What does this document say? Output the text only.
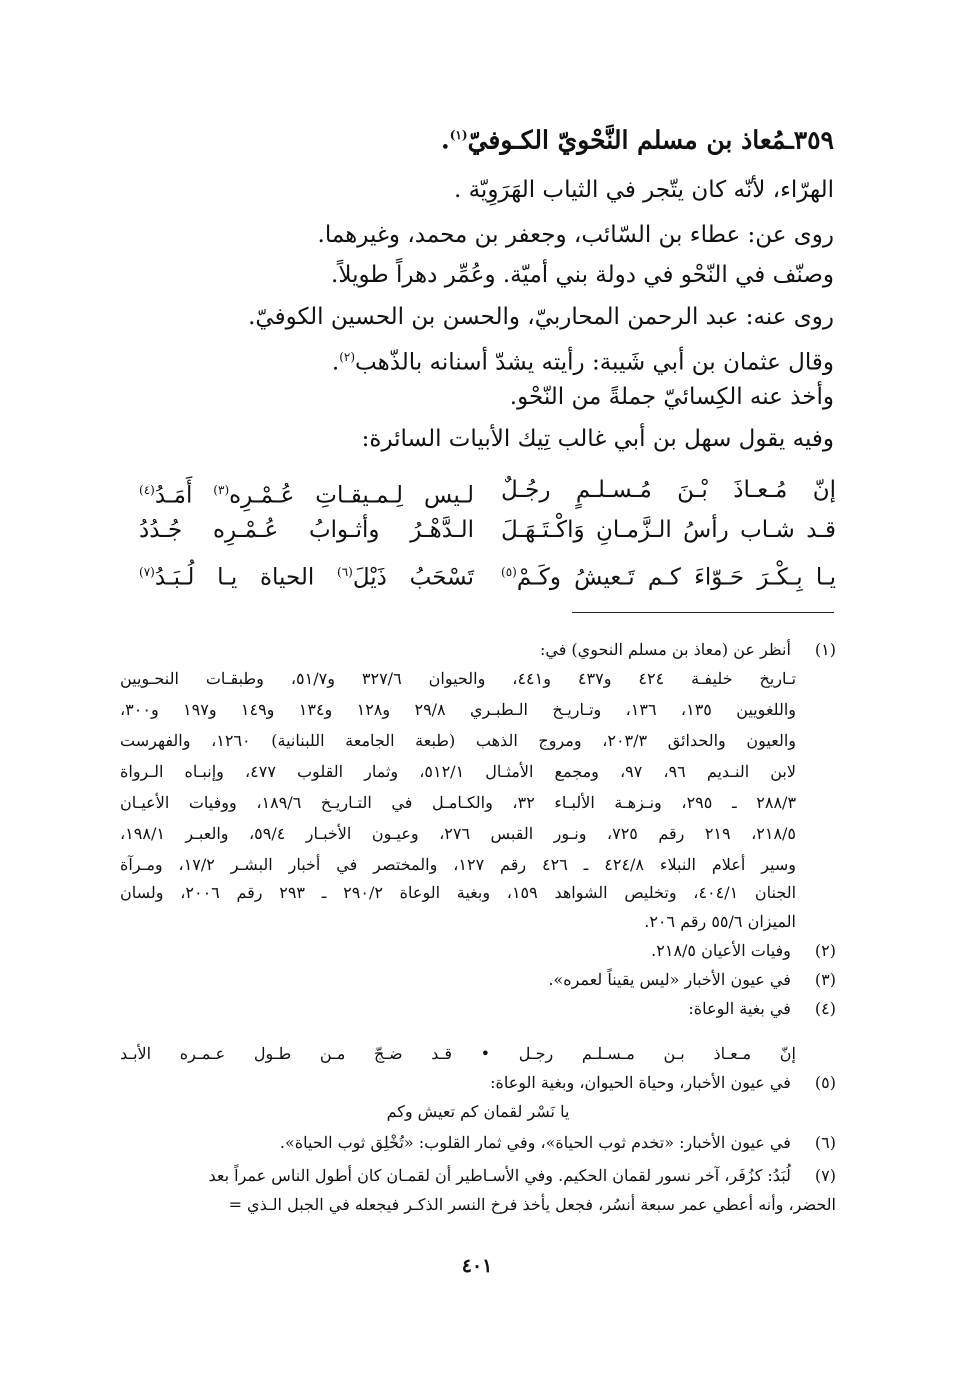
٣٥٩ـمُعاذ بن مسلم النَّحْويّ الكـوفيّ$^{(١)}$.
الهرّاء، لأنّه كان يتّجر في الثياب الهَرَوِيّة .
روى عن: عطاء بن السّائب، وجعفر بن محمد، وغيرهما.
وصنّف في النّحْو في دولة بني أميّة. وعُمِّر دهراً طويلاً.
روى عنه: عبد الرحمن المحاربيّ، والحسن بن الحسين الكوفيّ.
وقال عثمان بن أبي شَيبة: رأيته يشدّ أسنانه بالذّهب$^{(٢)}$.
وأخذ عنه الكِسائيّ جملةً من النّحْو.
وفيه يقول سهل بن أبي غالب تِيك الأبيات السائرة:
إنّ مُـعـاذَ بْـنَ مُـسـلـمٍ رجُـلٌ
لـيس لِـمـيقـاتِ عُـمْـرِه$^{(٣)}$ أَمَـدُ$^{(٤)}$
قـد شـاب رأسُ الـزَّمـانِ وَاكْـتَـهَـلَ
الـدَّهْـرُ وأثـوابُ عُـمْـرِه جُـدُدُ
يـا بِـكْـرَ حَـوّاءَ كـم تَـعيشُ وكَـمْ$^{(٥)}$
تَسْحَبُ ذَيْلَ$^{(٦)}$ الحياة يـا لُـبَـدُ$^{(٧)}$
(١) أنظر عن (معاذ بن مسلم النحوي) في:
تـاريخ خليفـة ٤٢٤ و٤٣٧ و٤٤١، والحيوان ٣٢٧/٦ و٥١/٧، وطبقـات النحـويين
واللغويين ١٣٥، ١٣٦، وتـاريـخ الـطبـري ٢٩/٨ و١٢٨ و١٣٤ و١٤٩ و١٩٧ و٣٠٠،
والعيون والحدائق ٢٠٣/٣، ومروج الذهب (طبعة الجامعة اللبنانية) ١٢٦٠، والفهرست
لابن النـديم ٩٦، ٩٧، ومجمع الأمثـال ٥١٢/١، وثمار القلوب ٤٧٧، وإنبـاه الـرواة
٢٨٨/٣ ـ ٢٩٥، ونـزهـة الألبـاء ٣٢، والكـامـل في التـاريـخ ١٨٩/٦، ووفيات الأعيـان
٢١٨/٥، ٢١٩ رقم ٧٢٥، ونـور القبس ٢٧٦، وعيـون الأخبـار ٥٩/٤، والعبـر ١٩٨/١،
وسير أعلام النبلاء ٤٢٤/٨ ـ ٤٢٦ رقم ١٢٧، والمختصر في أخبار البشـر ١٧/٢، ومـرآة
الجنان ٤٠٤/١، وتخليص الشواهد ١٥٩، وبغية الوعاة ٢٩٠/٢ ـ ٢٩٣ رقم ٢٠٠٦، ولسان
الميزان ٥٥/٦ رقم ٢٠٦.
(٢) وفيات الأعيان ٢١٨/٥.
(٣) في عيون الأخبار «ليس يقيناً لعمره».
(٤) في بغية الوعاة:
إنّ مـعـاذ بـن مـسـلـم رجـل • قـد ضـجّ مـن طـول عـمـره الأبـد
(٥) في عيون الأخبار، وحياة الحيوان، وبغية الوعاة:
يا نَسْر لقمان كم تعيش وكم
(٦) في عيون الأخبار: «تخدم ثوب الحياة»، وفي ثمار القلوب: «تُخْلِق ثوب الحياة».
(٧) لُبَدُ: كزُفَر، آخر نسور لقمان الحكيم. وفي الأسـاطير أن لقمـان كان أطول الناس عمراً بعد
الحضر، وأنه أعطي عمر سبعة أنسُر، فجعل يأخذ فرخ النسر الذكـر فيجعله في الجبل الـذي =
٤٠١
